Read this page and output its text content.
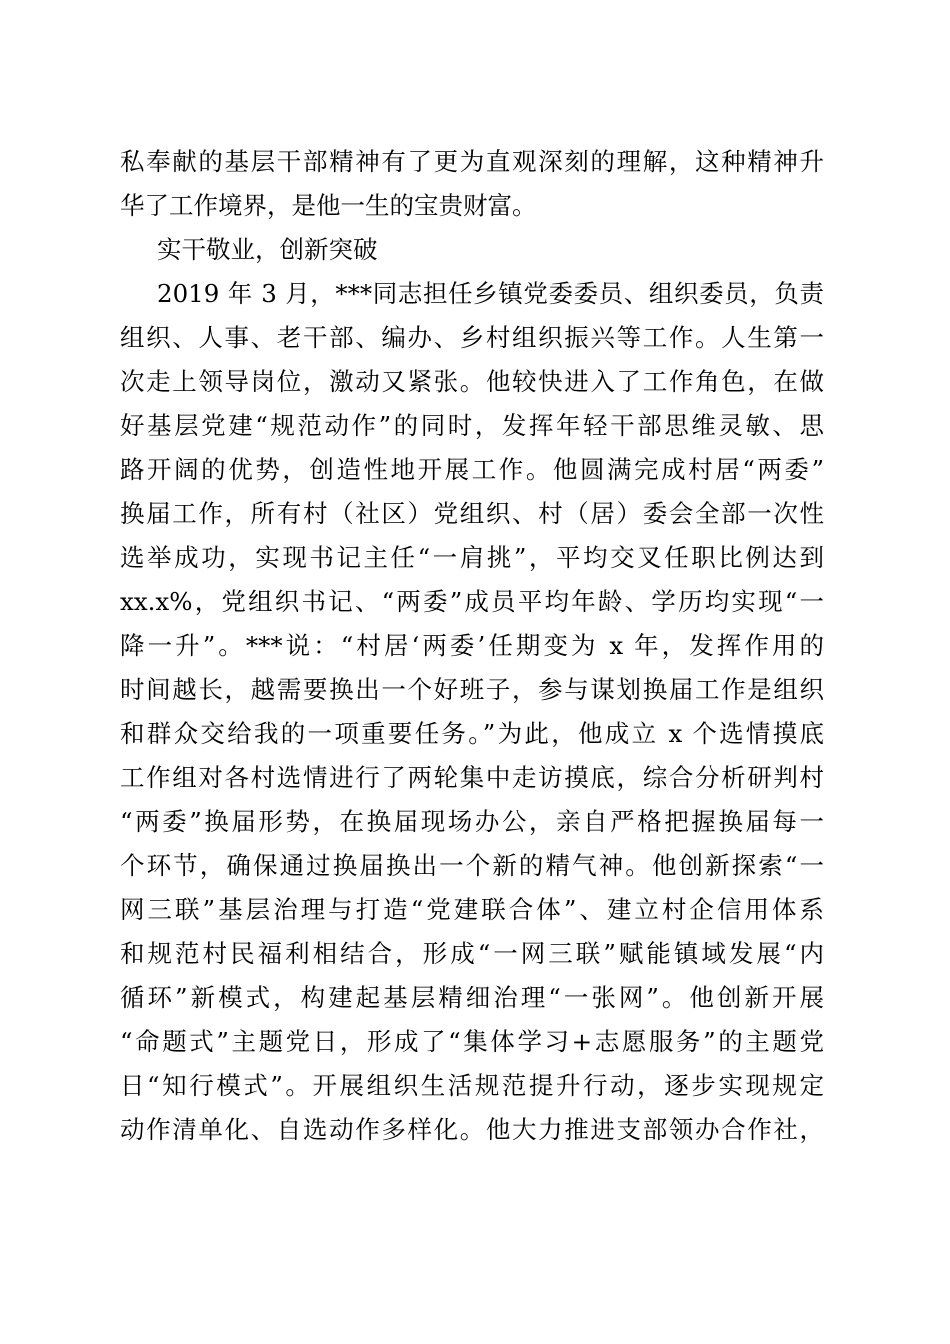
私奉献的基层干部精神有了更为直观深刻的理解，这种精神升
华了工作境界，是他一生的宝贵财富。
实干敬业，创新突破
2019 年 3 月，***同志担任乡镇党委委员、组织委员，负责
组织、人事、老干部、编办、乡村组织振兴等工作。人生第一
次走上领导岗位，激动又紧张。他较快进入了工作角色，在做
好基层党建“规范动作”的同时，发挥年轻干部思维灵敏、思
路开阔的优势，创造性地开展工作。他圆满完成村居“两委”
换届工作，所有村（社区）党组织、村（居）委会全部一次性
选举成功，实现书记主任“一肩挑”，平均交叉任职比例达到
xx.x%，党组织书记、“两委”成员平均年龄、学历均实现“一
降一升”。***说：“村居‘两委’任期变为 x 年，发挥作用的
时间越长，越需要换出一个好班子，参与谋划换届工作是组织
和群众交给我的一项重要任务。”为此，他成立 x 个选情摸底
工作组对各村选情进行了两轮集中走访摸底，综合分析研判村
“两委”换届形势，在换届现场办公，亲自严格把握换届每一
个环节，确保通过换届换出一个新的精气神。他创新探索“一
网三联”基层治理与打造“党建联合体”、建立村企信用体系
和规范村民福利相结合，形成“一网三联”赋能镇域发展“内
循环”新模式，构建起基层精细治理“一张网”。他创新开展
“命题式”主题党日，形成了“集体学习+志愿服务”的主题党
日“知行模式”。开展组织生活规范提升行动，逐步实现规定
动作清单化、自选动作多样化。他大力推进支部领办合作社，
